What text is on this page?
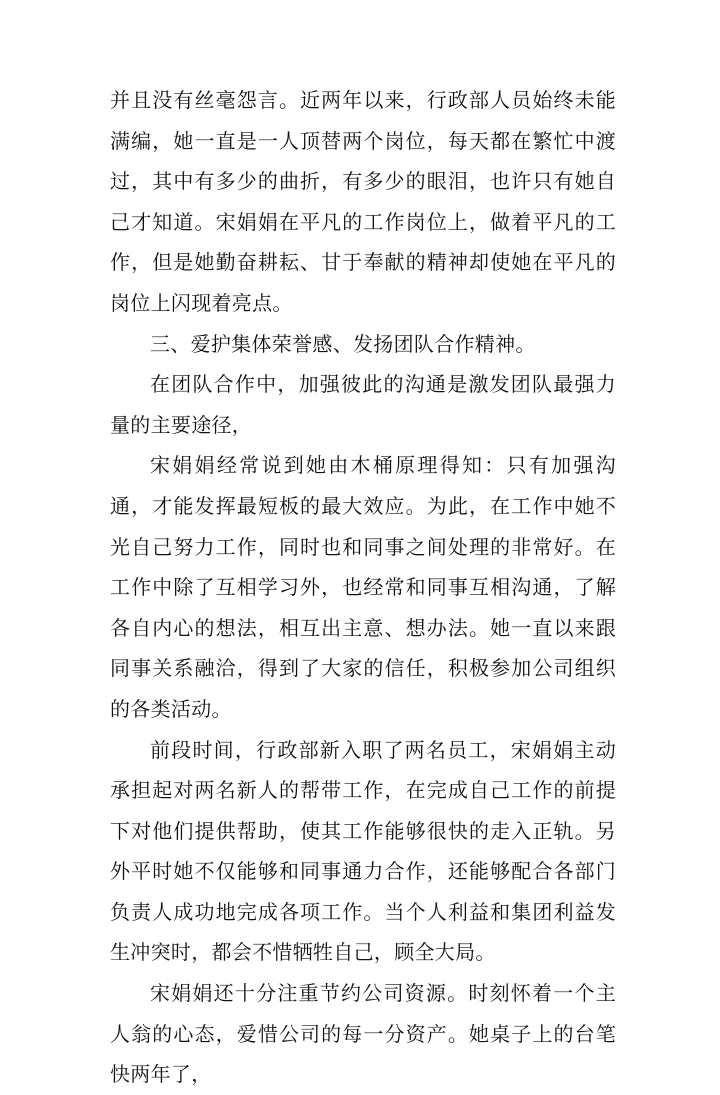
并且没有丝毫怨言。近两年以来，行政部人员始终未能满编，她一直是一人顶替两个岗位，每天都在繁忙中渡过，其中有多少的曲折，有多少的眼泪，也许只有她自己才知道。宋娟娟在平凡的工作岗位上，做着平凡的工作，但是她勤奋耕耘、甘于奉献的精神却使她在平凡的岗位上闪现着亮点。

三、爱护集体荣誉感、发扬团队合作精神。

在团队合作中，加强彼此的沟通是激发团队最强力量的主要途径，

宋娟娟经常说到她由木桶原理得知：只有加强沟通，才能发挥最短板的最大效应。为此，在工作中她不光自己努力工作，同时也和同事之间处理的非常好。在工作中除了互相学习外，也经常和同事互相沟通，了解各自内心的想法，相互出主意、想办法。她一直以来跟同事关系融洽，得到了大家的信任，积极参加公司组织的各类活动。

前段时间，行政部新入职了两名员工，宋娟娟主动承担起对两名新人的帮带工作，在完成自己工作的前提下对他们提供帮助，使其工作能够很快的走入正轨。另外平时她不仅能够和同事通力合作，还能够配合各部门负责人成功地完成各项工作。当个人利益和集团利益发生冲突时，都会不惜牺牲自己，顾全大局。

宋娟娟还十分注重节约公司资源。时刻怀着一个主人翁的心态，爱惜公司的每一分资产。她桌子上的台笔快两年了，
